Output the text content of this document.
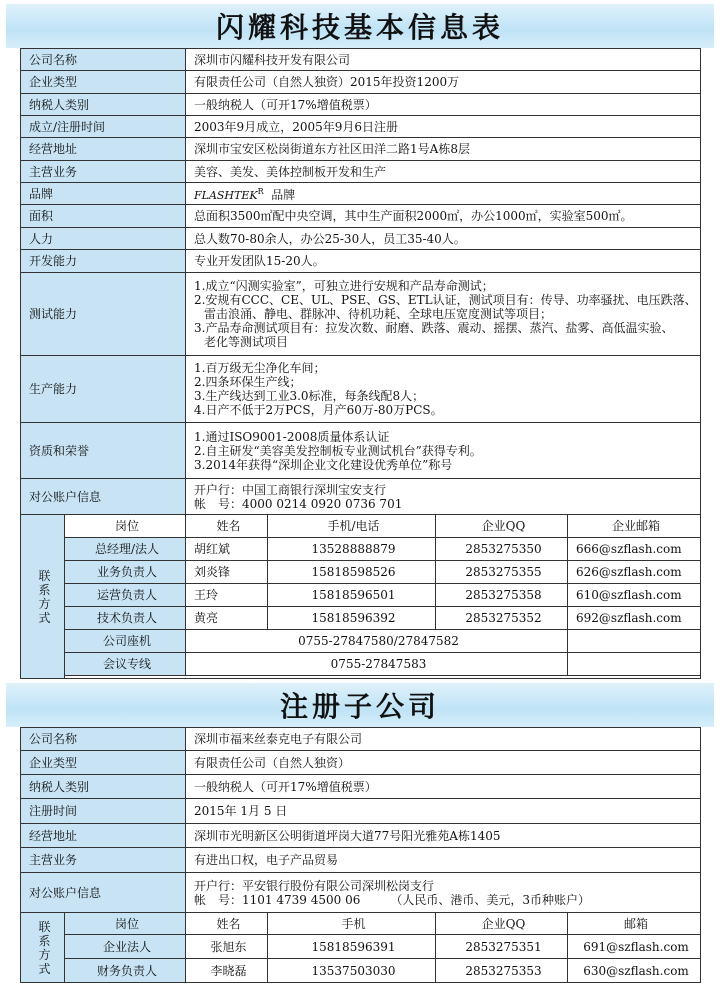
闪耀科技基本信息表
公司名称		深圳市闪耀科技开发有限公司			
企业类型		有限责任公司（自然人独资）2015年投资1200万			
纳税人类别		一般纳税人（可开17%增值税票）			
成立/注册时间		2003年9月成立，2005年9月6日注册			
经营地址		深圳市宝安区松岗街道东方社区田洋二路1号A栋8层			
主营业务		美容、美发、美体控制板开发和生产			
品牌		$FLASHTEK^R$ 品牌			
面积		总面积3500㎡配中央空调，其中生产面积2000㎡，办公1000㎡，实验室500㎡。			
人力		总人数70-80余人，办公25-30人，员工35-40人。			
开发能力		专业开发团队15-20人。			
测试能力		1.成立“闪测实验室”，可独立进行安规和产品寿命测试；
2.安规有CCC、CE、UL、PSE、GS、ETL认证，测试项目有：传导、功率骚扰、电压跌落、
雷击浪涌、静电、群脉冲、待机功耗、全球电压宽度测试等项目；
3.产品寿命测试项目有：拉发次数、耐磨、跌落、震动、摇摆、蒸汽、盐雾、高低温实验、
老化等测试项目			

生产能力		1.百万级无尘净化车间；
2.四条环保生产线；
3.生产线达到工业3.0标准，每条线配8人；
4.日产不低于2万PCS，月产60万-80万PCS。			

资质和荣誉		1.通过ISO9001-2008质量体系认证
2.自主研发“美容美发控制板专业测试机台”获得专利。
3.2014年获得“深圳企业文化建设优秀单位”称号			

对公账户信息		开户行：中国工商银行深圳宝安支行
帐　号：4000 0214 0920 0736 701			

联
系
方
式	岗位	姓名	手机/电话	企业QQ	企业邮箱
	总经理/法人	胡红斌	13528888879	2853275350	666@szflash.com
	业务负责人	刘炎锋	15818598526	2853275355	626@szflash.com
	运营负责人	王玲	15818596501	2853275358	610@szflash.com
	技术负责人	黄亮	15818596392	2853275352	692@szflash.com
	公司座机	0755-27847580/27847582			
	会议专线	0755-27847583			

注册子公司
公司名称		深圳市福来丝泰克电子有限公司			
企业类型		有限责任公司（自然人独资）			
纳税人类别		一般纳税人（可开17%增值税票）			
注册时间		2015年 1月 5 日			
经营地址		深圳市光明新区公明街道坪岗大道77号阳光雅苑A栋1405			
主营业务		有进出口权，电子产品贸易			
对公账户信息		开户行：平安银行股份有限公司深圳松岗支行
帐　号：1101 4739 4500 06　　　（人民币、港币、美元，3币种账户）			

联
系
方
式	岗位	姓名	手机	企业QQ	邮箱
	企业法人	张旭东	15818596391	2853275351	691@szflash.com
	财务负责人	李晓磊	13537503030	2853275353	630@szflash.com
